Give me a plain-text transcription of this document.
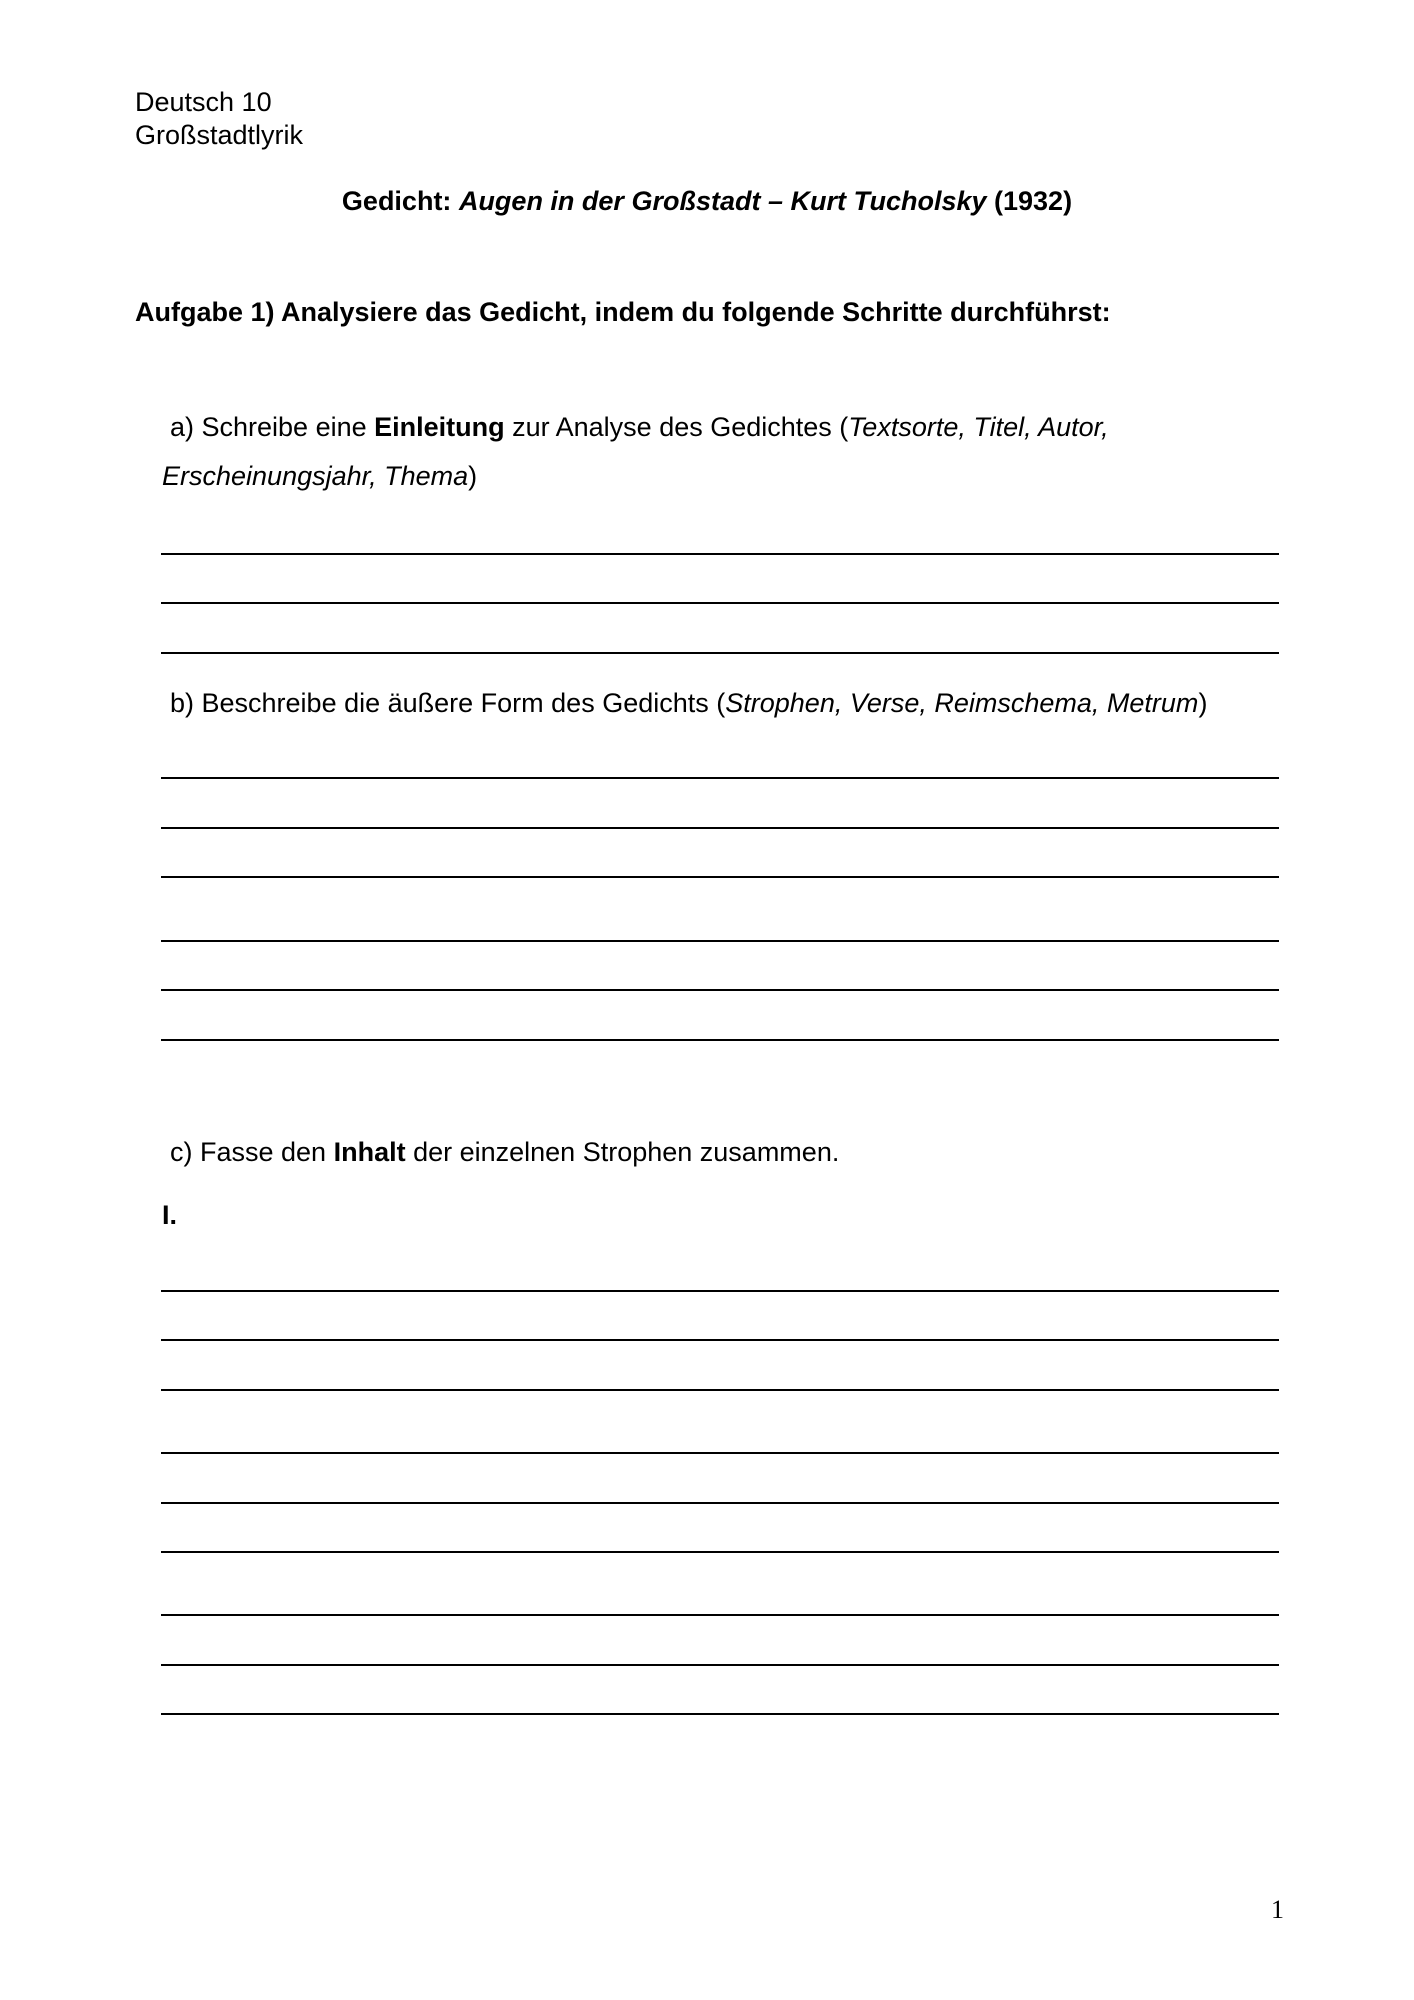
Deutsch 10
Großstadtlyrik
Gedicht: Augen in der Großstadt – Kurt Tucholsky (1932)
Aufgabe 1) Analysiere das Gedicht, indem du folgende Schritte durchführst:
a) Schreibe eine Einleitung zur Analyse des Gedichtes (Textsorte, Titel, Autor,
Erscheinungsjahr, Thema)
b) Beschreibe die äußere Form des Gedichts (Strophen, Verse, Reimschema, Metrum)
c) Fasse den Inhalt der einzelnen Strophen zusammen.
I.
1
